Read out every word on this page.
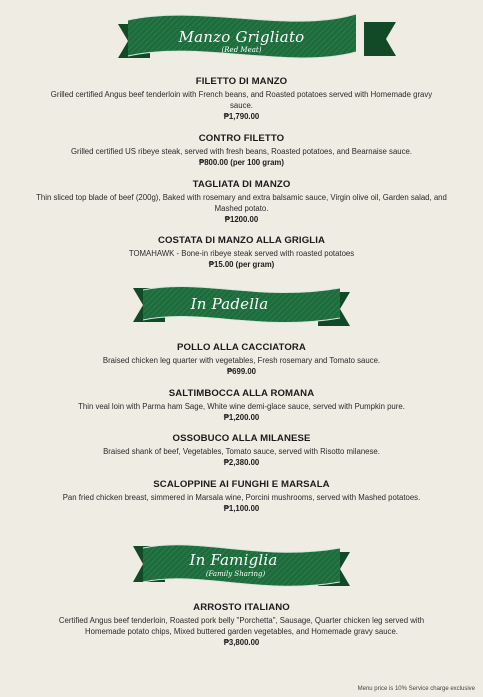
Manzo Grigliato
(Red Meat)
FILETTO DI MANZO
Grilled certified Angus beef tenderloin with French beans, and Roasted potatoes served with Homemade gravy sauce.
₱1,790.00
CONTRO FILETTO
Grilled certified US ribeye steak, served with fresh beans, Roasted potatoes, and Bearnaise sauce.
₱800.00 (per 100 gram)
TAGLIATA DI MANZO
Thin sliced top blade of beef (200g), Baked with rosemary and extra balsamic sauce, Virgin olive oil, Garden salad, and Mashed potato.
₱1200.00
COSTATA DI MANZO ALLA GRIGLIA
TOMAHAWK - Bone-in ribeye steak served with roasted potatoes
₱15.00 (per gram)
In Padella
POLLO ALLA CACCIATORA
Braised chicken leg quarter with vegetables, Fresh rosemary and Tomato sauce.
₱699.00
SALTIMBOCCA ALLA ROMANA
Thin veal loin with Parma ham Sage, White wine demi-glace sauce, served with Pumpkin pure.
₱1,200.00
OSSOBUCO ALLA MILANESE
Braised shank of beef, Vegetables, Tomato sauce, served with Risotto milanese.
₱2,380.00
SCALOPPINE AI FUNGHI E MARSALA
Pan fried chicken breast, simmered in Marsala wine, Porcini mushrooms, served with Mashed potatoes.
₱1,100.00
In Famiglia
(Family Sharing)
ARROSTO ITALIANO
Certified Angus beef tenderloin, Roasted pork belly "Porchetta", Sausage, Quarter chicken leg served with Homemade potato chips, Mixed buttered garden vegetables, and Homemade gravy sauce.
₱3,800.00
Menu price is 10% Service charge exclusive
